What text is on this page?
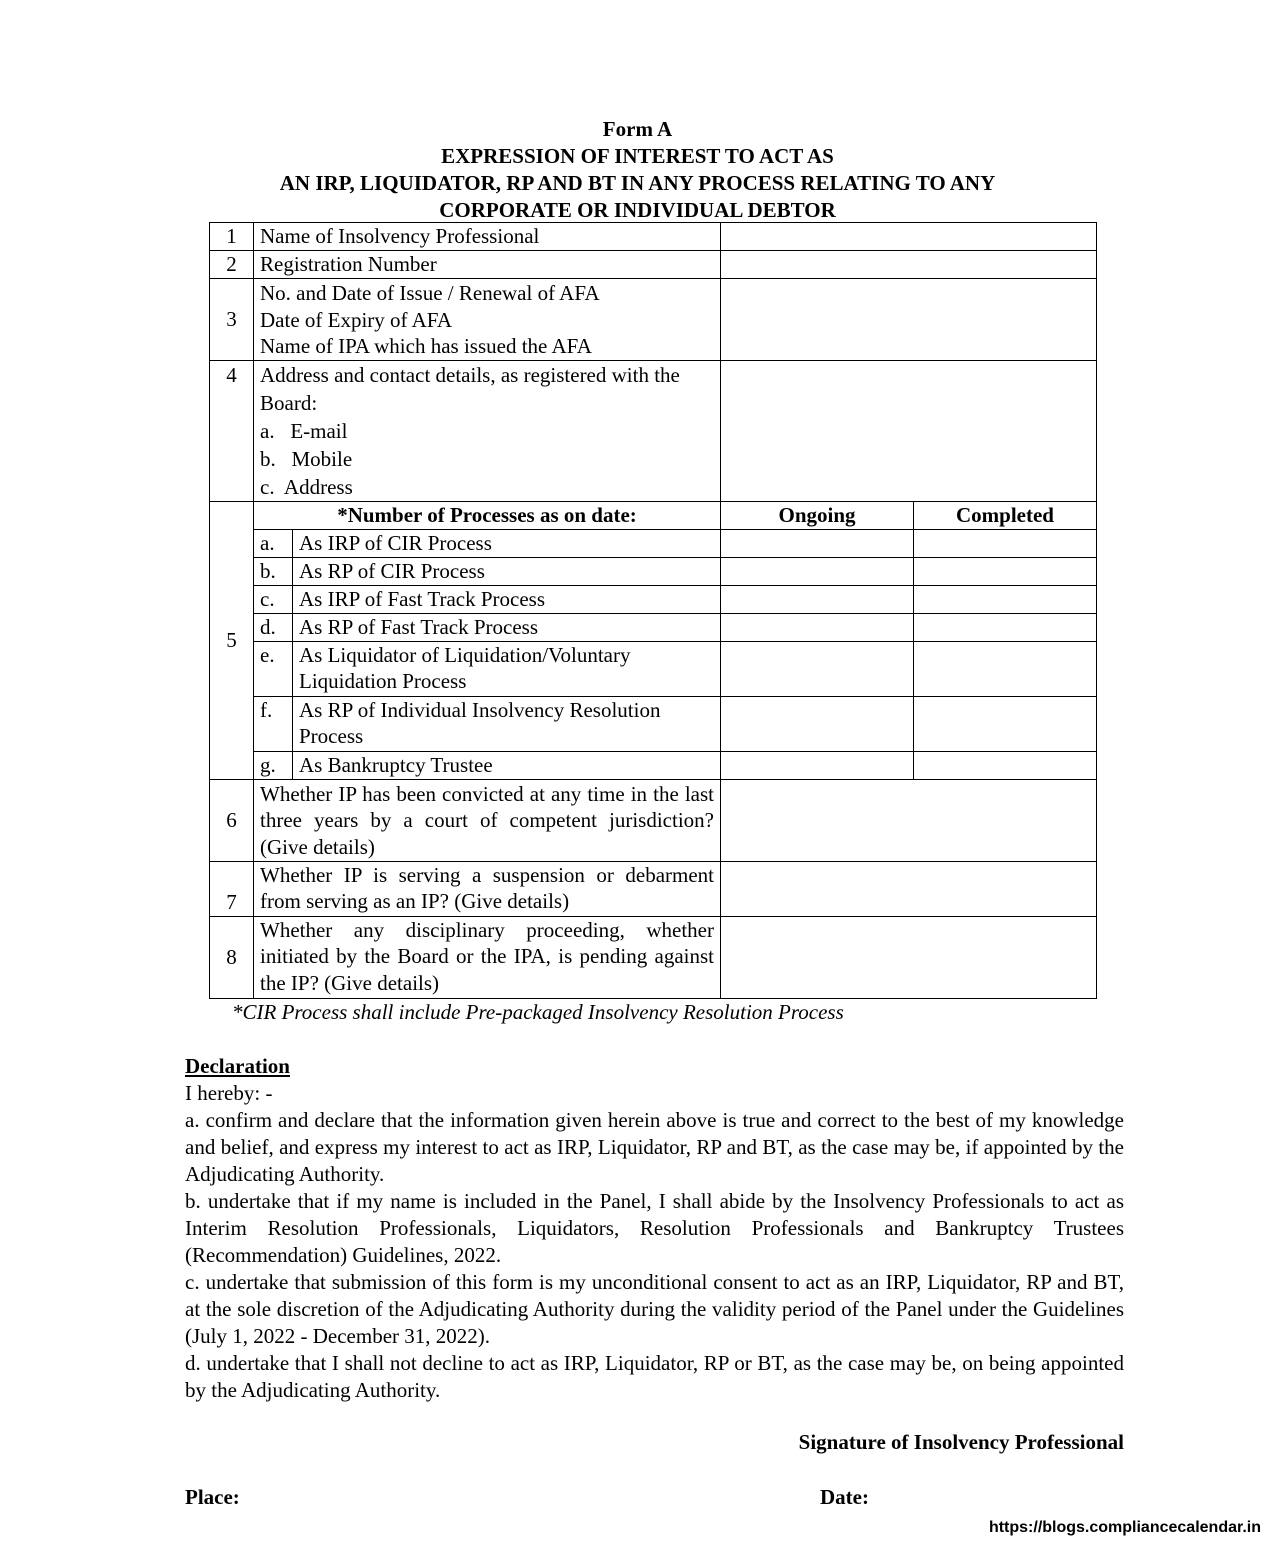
Form A
EXPRESSION OF INTEREST TO ACT AS
AN IRP, LIQUIDATOR, RP AND BT IN ANY PROCESS RELATING TO ANY
CORPORATE OR INDIVIDUAL DEBTOR
1	Name of Insolvency Professional			
2	Registration Number			
3	No. and Date of Issue / Renewal of AFA
Date of Expiry of AFA
Name of IPA which has issued the AFA			

4	Address and contact details, as registered with the Board:
a.   E-mail
b.   Mobile
c.  Address			

5	*Number of Processes as on date:		Ongoing	Completed
	a.	As IRP of CIR Process		
	b.	As RP of CIR Process		
	c.	As IRP of Fast Track Process		
	d.	As RP of Fast Track Process		
	e.	As Liquidator of Liquidation/Voluntary Liquidation Process		
	f.	As RP of Individual Insolvency Resolution Process		
	g.	As Bankruptcy Trustee		
6	Whether IP has been convicted at any time in the last three years by a court of competent jurisdiction? (Give details)			
7	Whether IP is serving a suspension or debarment from serving as an IP? (Give details)			
8	Whether any disciplinary proceeding, whether initiated by the Board or the IPA, is pending against the IP? (Give details)			
*CIR Process shall include Pre-packaged Insolvency Resolution Process
Declaration

I hereby: -

a. confirm and declare that the information given herein above is true and correct to the best of my knowledge and belief, and express my interest to act as IRP, Liquidator, RP and BT, as the case may be, if appointed by the Adjudicating Authority.

b. undertake that if my name is included in the Panel, I shall abide by the Insolvency Professionals to act as Interim Resolution Professionals, Liquidators, Resolution Professionals and Bankruptcy Trustees (Recommendation) Guidelines, 2022.

c. undertake that submission of this form is my unconditional consent to act as an IRP, Liquidator, RP and BT, at the sole discretion of the Adjudicating Authority during the validity period of the Panel under the Guidelines (July 1, 2022 - December 31, 2022).

d. undertake that I shall not decline to act as IRP, Liquidator, RP or BT, as the case may be, on being appointed by the Adjudicating Authority.

Signature of Insolvency Professional
Place:	Date:
https://blogs.compliancecalendar.in
